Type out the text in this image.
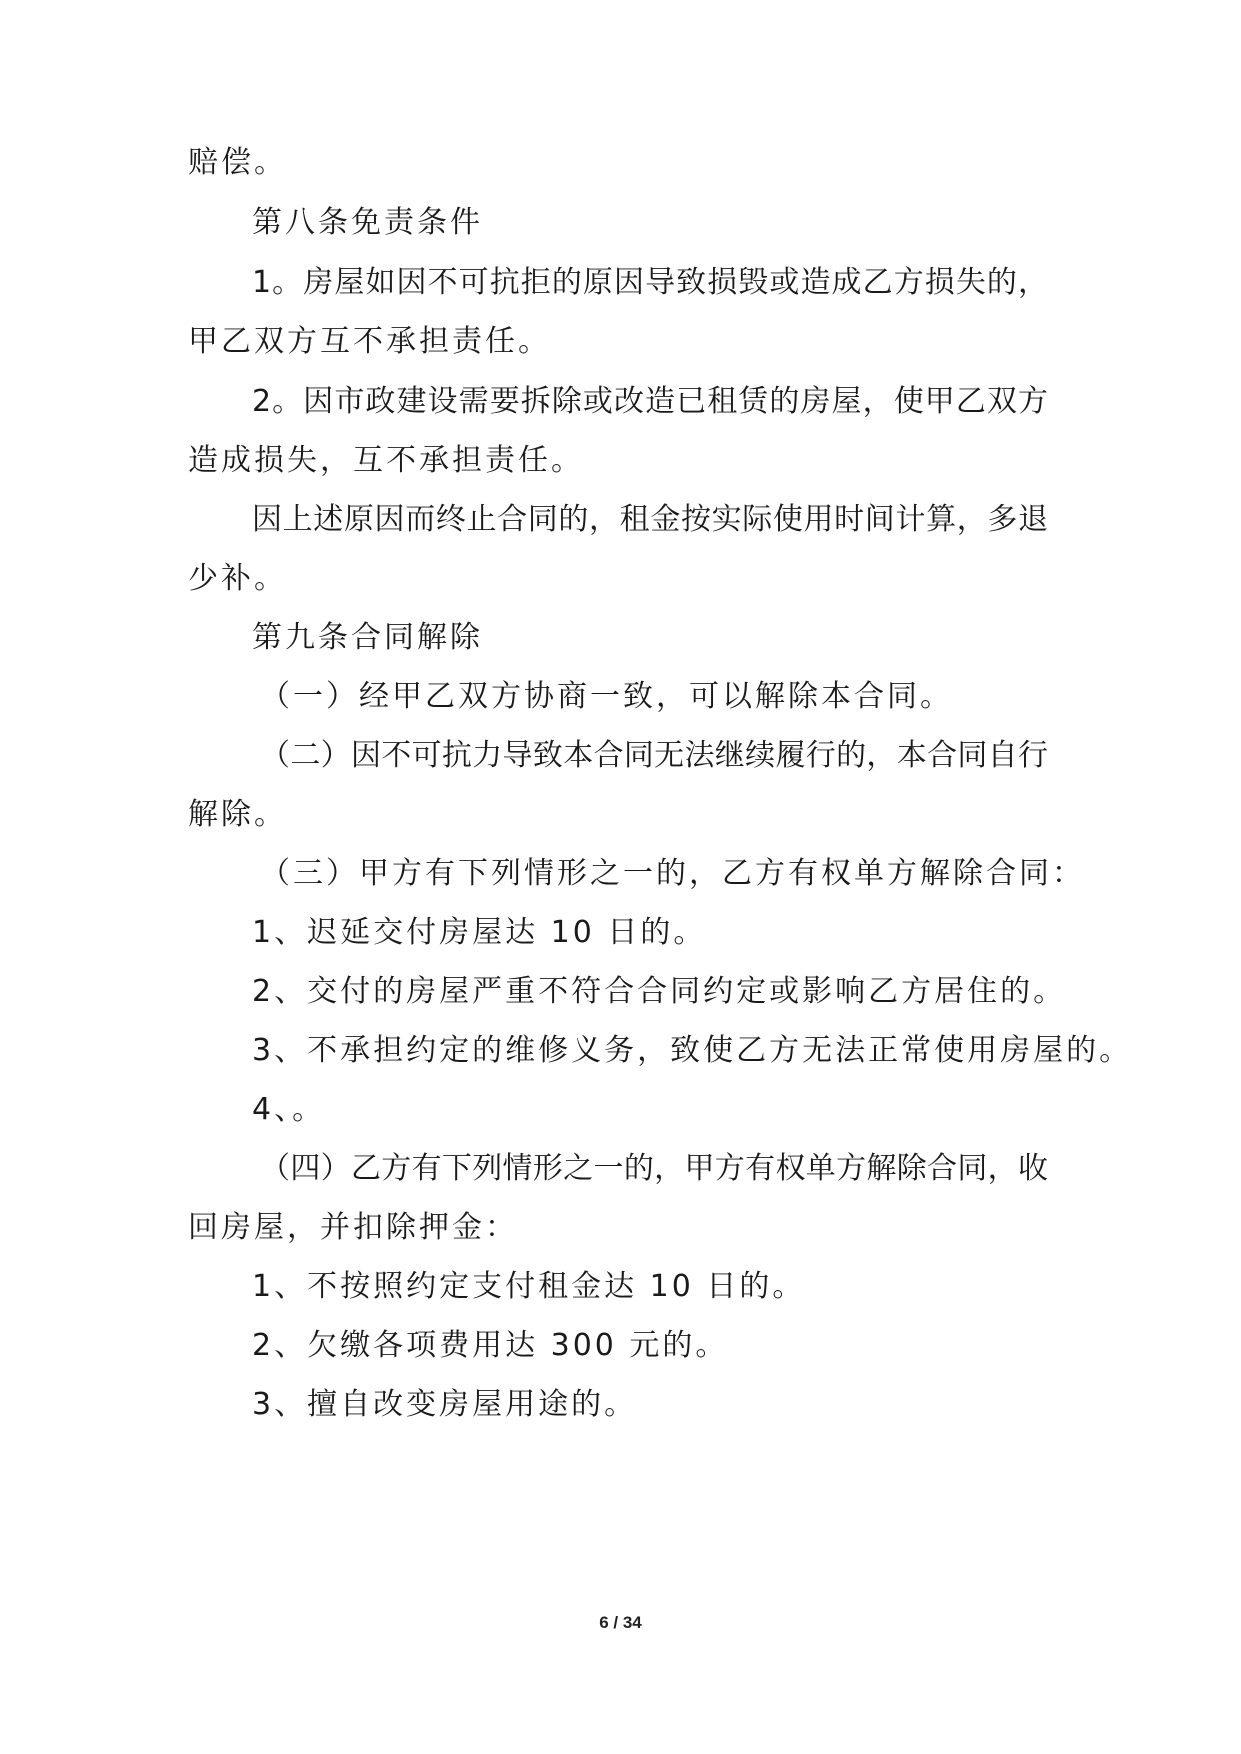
赔偿。
第八条免责条件
1。房屋如因不可抗拒的原因导致损毁或造成乙方损失的，
甲乙双方互不承担责任。
2。因市政建设需要拆除或改造已租赁的房屋，使甲乙双方
造成损失，互不承担责任。
因上述原因而终止合同的，租金按实际使用时间计算，多退
少补。
第九条合同解除
（一）经甲乙双方协商一致，可以解除本合同。
（二）因不可抗力导致本合同无法继续履行的，本合同自行
解除。
（三）甲方有下列情形之一的，乙方有权单方解除合同：
1、迟延交付房屋达 10 日的。
2、交付的房屋严重不符合合同约定或影响乙方居住的。
3、不承担约定的维修义务，致使乙方无法正常使用房屋的。
4、。
（四）乙方有下列情形之一的，甲方有权单方解除合同，收
回房屋，并扣除押金：
1、不按照约定支付租金达 10 日的。
2、欠缴各项费用达 300 元的。
3、擅自改变房屋用途的。
6 / 34
